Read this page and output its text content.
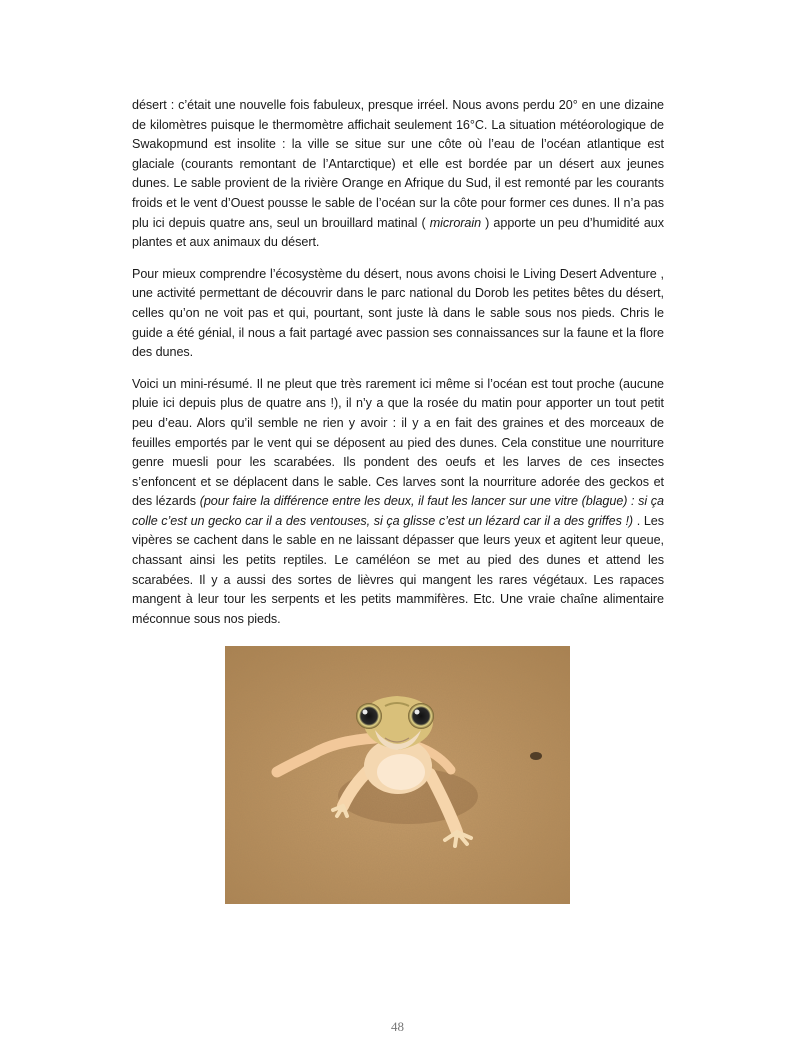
désert : c’était une nouvelle fois fabuleux, presque irréel. Nous avons perdu 20° en une dizaine de kilomètres puisque le thermomètre affichait seulement 16°C. La situation météorologique de Swakopmund est insolite : la ville se situe sur une côte où l’eau de l’océan atlantique est glaciale (courants remontant de l’Antarctique) et elle est bordée par un désert aux jeunes dunes. Le sable provient de la rivière Orange en Afrique du Sud, il est remonté par les courants froids et le vent d’Ouest pousse le sable de l’océan sur la côte pour former ces dunes. Il n’a pas plu ici depuis quatre ans, seul un brouillard matinal ( microrain ) apporte un peu d’humidité aux plantes et aux animaux du désert.

Pour mieux comprendre l’écosystème du désert, nous avons choisi le Living Desert Adventure , une activité permettant de découvrir dans le parc national du Dorob les petites bêtes du désert, celles qu’on ne voit pas et qui, pourtant, sont juste là dans le sable sous nos pieds. Chris le guide a été génial, il nous a fait partagé avec passion ses connaissances sur la faune et la flore des dunes.

Voici un mini-résumé. Il ne pleut que très rarement ici même si l’océan est tout proche (aucune pluie ici depuis plus de quatre ans !), il n’y a que la rosée du matin pour apporter un tout petit peu d’eau. Alors qu’il semble ne rien y avoir : il y a en fait des graines et des morceaux de feuilles emportés par le vent qui se déposent au pied des dunes. Cela constitue une nourriture genre muesli pour les scarabées. Ils pondent des oeufs et les larves de ces insectes s’enfoncent et se déplacent dans le sable. Ces larves sont la nourriture adorée des geckos et des lézards (pour faire la différence entre les deux, il faut les lancer sur une vitre (blague) : si ça colle c’est un gecko car il a des ventouses, si ça glisse c’est un lézard car il a des griffes !) . Les vipères se cachent dans le sable en ne laissant dépasser que leurs yeux et agitent leur queue, chassant ainsi les petits reptiles. Le caméléon se met au pied des dunes et attend les scarabées. Il y a aussi des sortes de lièvres qui mangent les rares végétaux. Les rapaces mangent à leur tour les serpents et les petits mammifères. Etc. Une vraie chaîne alimentaire méconnue sous nos pieds.

48
